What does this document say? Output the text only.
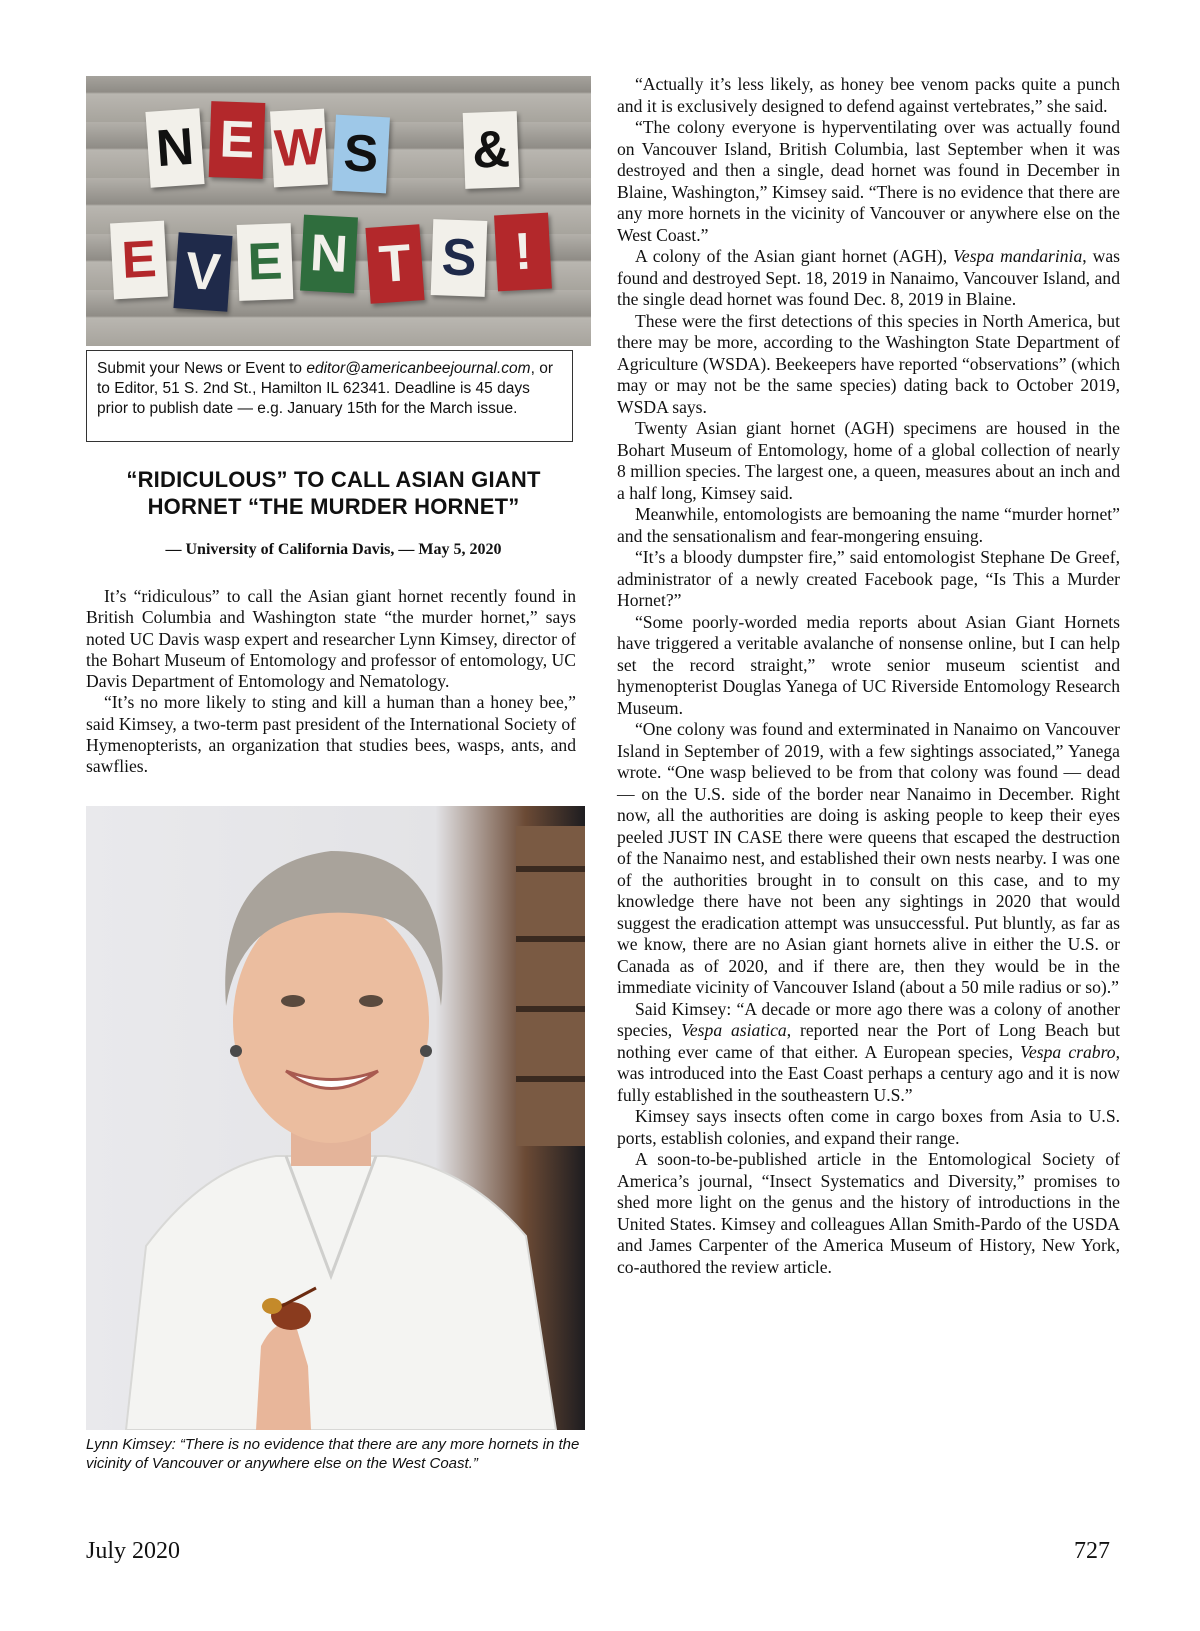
N E W S &
E V E N T S !
Submit your News or Event to editor@americanbeejournal.com, or to Editor, 51 S. 2nd St., Hamilton IL 62341. Deadline is 45 days prior to publish date — e.g. January 15th for the March issue.
“RIDICULOUS” TO CALL ASIAN GIANT HORNET “THE MURDER HORNET”
— University of California Davis, — May 5, 2020

It’s “ridiculous” to call the Asian giant hornet recently found in British Columbia and Washington state “the murder hornet,” says noted UC Davis wasp expert and researcher Lynn Kimsey, director of the Bohart Museum of Entomology and professor of entomology, UC Davis Department of Entomology and Nematology.

“It’s no more likely to sting and kill a human than a honey bee,” said Kimsey, a two-term past president of the International Society of Hymenopterists, an organization that studies bees, wasps, ants, and sawflies.

Lynn Kimsey: “There is no evidence that there are any more hornets in the vicinity of Vancouver or anywhere else on the West Coast.”

“Actually it’s less likely, as honey bee venom packs quite a punch and it is exclusively designed to defend against vertebrates,” she said.

“The colony everyone is hyperventilating over was actually found on Vancouver Island, British Columbia, last September when it was destroyed and then a single, dead hornet was found in December in Blaine, Washington,” Kimsey said. “There is no evidence that there are any more hornets in the vicinity of Vancouver or anywhere else on the West Coast.”

A colony of the Asian giant hornet (AGH), Vespa mandarinia, was found and destroyed Sept. 18, 2019 in Nanaimo, Vancouver Island, and the single dead hornet was found Dec. 8, 2019 in Blaine.

These were the first detections of this species in North America, but there may be more, according to the Washington State Department of Agriculture (WSDA). Beekeepers have reported “observations” (which may or may not be the same species) dating back to October 2019, WSDA says.

Twenty Asian giant hornet (AGH) specimens are housed in the Bohart Museum of Entomology, home of a global collection of nearly 8 million species. The largest one, a queen, measures about an inch and a half long, Kimsey said.

Meanwhile, entomologists are bemoaning the name “murder hornet” and the sensationalism and fear-mongering ensuing.

“It’s a bloody dumpster fire,” said entomologist Stephane De Greef, administrator of a newly created Facebook page, “Is This a Murder Hornet?”

“Some poorly-worded media reports about Asian Giant Hornets have triggered a veritable avalanche of nonsense online, but I can help set the record straight,” wrote senior museum scientist and hymenopterist Douglas Yanega of UC Riverside Entomology Research Museum.

“One colony was found and exterminated in Nanaimo on Vancouver Island in September of 2019, with a few sightings associated,” Yanega wrote. “One wasp believed to be from that colony was found — dead — on the U.S. side of the border near Nanaimo in December. Right now, all the authorities are doing is asking people to keep their eyes peeled JUST IN CASE there were queens that escaped the destruction of the Nanaimo nest, and established their own nests nearby. I was one of the authorities brought in to consult on this case, and to my knowledge there have not been any sightings in 2020 that would suggest the eradication attempt was unsuccessful. Put bluntly, as far as we know, there are no Asian giant hornets alive in either the U.S. or Canada as of 2020, and if there are, then they would be in the immediate vicinity of Vancouver Island (about a 50 mile radius or so).”

Said Kimsey: “A decade or more ago there was a colony of another species, Vespa asiatica, reported near the Port of Long Beach but nothing ever came of that either. A European species, Vespa crabro, was introduced into the East Coast perhaps a century ago and it is now fully established in the southeastern U.S.”

Kimsey says insects often come in cargo boxes from Asia to U.S. ports, establish colonies, and expand their range.

A soon-to-be-published article in the Entomological Society of America’s journal, “Insect Systematics and Diversity,” promises to shed more light on the genus and the history of introductions in the United States. Kimsey and colleagues Allan Smith-Pardo of the USDA and James Carpenter of the America Museum of History, New York, co-authored the review article.

July 2020	727
